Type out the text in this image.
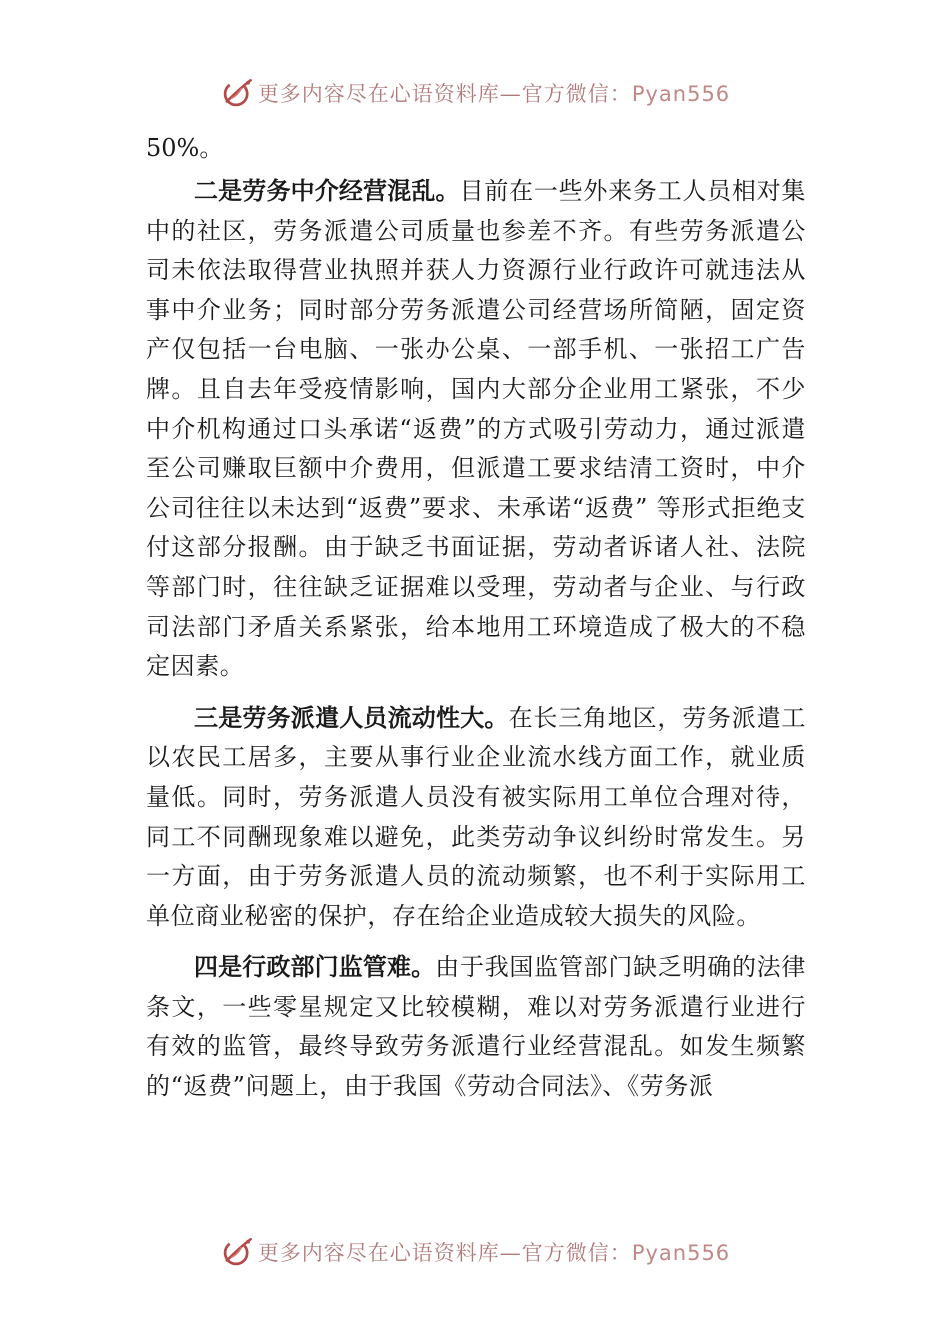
更多内容尽在心语资料库—官方微信：Pyan556

50%。

二是劳务中介经营混乱。目前在一些外来务工人员相对集中的社区，劳务派遣公司质量也参差不齐。有些劳务派遣公司未依法取得营业执照并获人力资源行业行政许可就违法从事中介业务；同时部分劳务派遣公司经营场所简陋，固定资产仅包括一台电脑、一张办公桌、一部手机、一张招工广告牌。且自去年受疫情影响，国内大部分企业用工紧张，不少中介机构通过口头承诺“返费”的方式吸引劳动力，通过派遣至公司赚取巨额中介费用，但派遣工要求结清工资时，中介公司往往以未达到“返费”要求、未承诺“返费” 等形式拒绝支付这部分报酬。由于缺乏书面证据，劳动者诉诸人社、法院等部门时，往往缺乏证据难以受理，劳动者与企业、与行政司法部门矛盾关系紧张，给本地用工环境造成了极大的不稳定因素。

三是劳务派遣人员流动性大。在长三角地区，劳务派遣工以农民工居多，主要从事行业企业流水线方面工作，就业质量低。同时，劳务派遣人员没有被实际用工单位合理对待，同工不同酬现象难以避免，此类劳动争议纠纷时常发生。另一方面，由于劳务派遣人员的流动频繁，也不利于实际用工单位商业秘密的保护，存在给企业造成较大损失的风险。

四是行政部门监管难。由于我国监管部门缺乏明确的法律条文，一些零星规定又比较模糊，难以对劳务派遣行业进行有效的监管，最终导致劳务派遣行业经营混乱。如发生频繁的“返费”问题上，由于我国《劳动合同法》、《劳务派

更多内容尽在心语资料库—官方微信：Pyan556
